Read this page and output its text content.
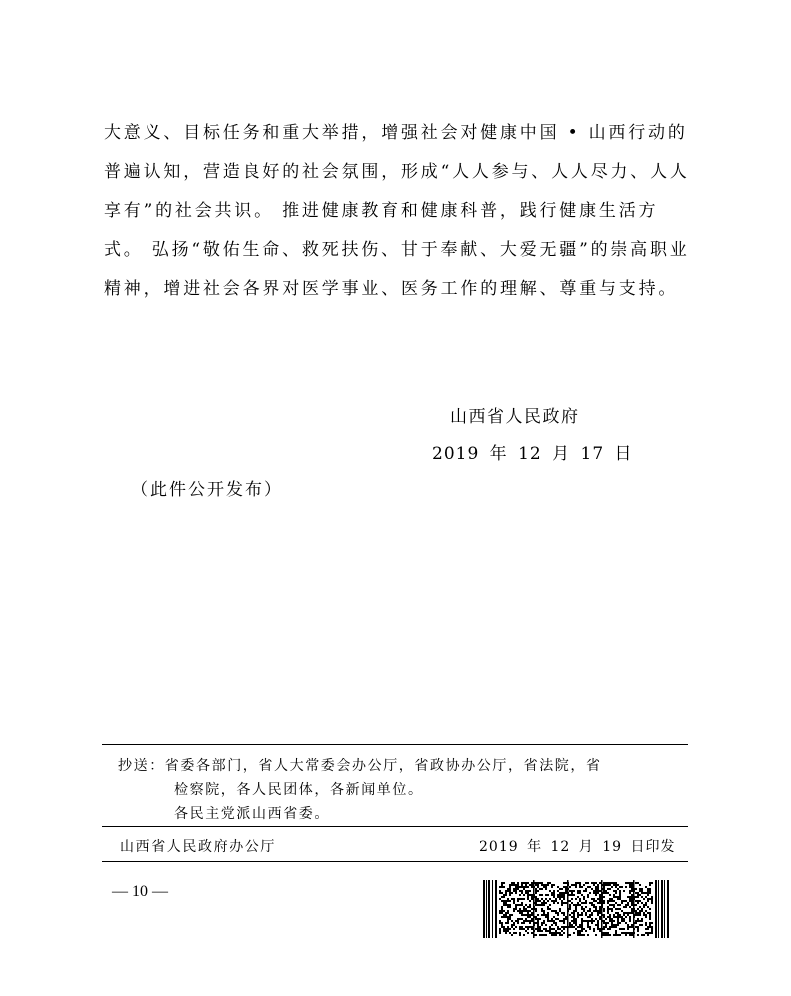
大意义、目标任务和重大举措，增强社会对健康中国 • 山西行动的
普遍认知，营造良好的社会氛围，形成“人人参与、人人尽力、人人
享有”的社会共识。 推进健康教育和健康科普，践行健康生活方
式。 弘扬“敬佑生命、救死扶伤、甘于奉献、大爱无疆”的崇高职业
精神，增进社会各界对医学事业、医务工作的理解、尊重与支持。
山西省人民政府
2019 年 12 月 17 日
（此件公开发布）
抄送：省委各部门，省人大常委会办公厅，省政协办公厅，省法院，省
检察院，各人民团体，各新闻单位。
各民主党派山西省委。
山西省人民政府办公厅	2019 年 12 月 19 日印发
— 10 —
